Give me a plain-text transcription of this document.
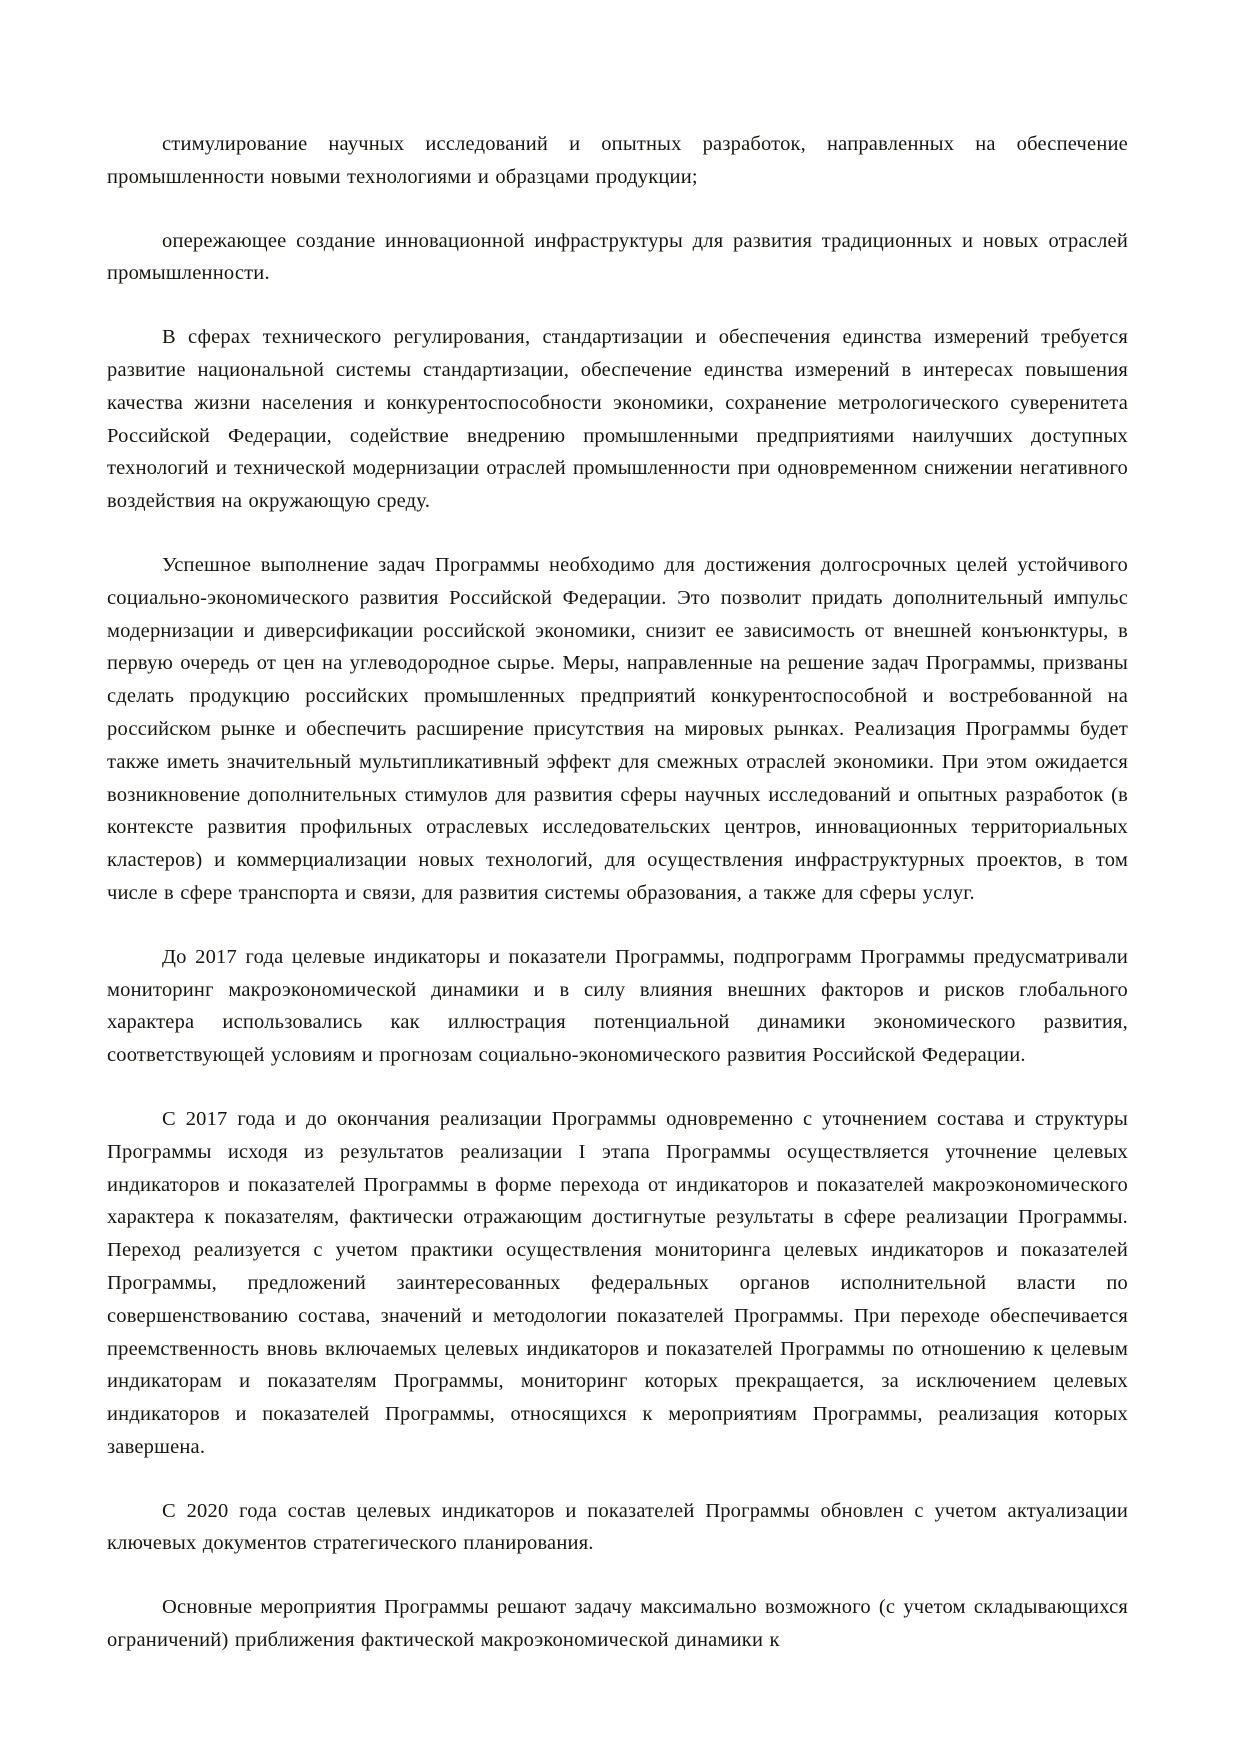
стимулирование научных исследований и опытных разработок, направленных на обеспечение промышленности новыми технологиями и образцами продукции;

опережающее создание инновационной инфраструктуры для развития традиционных и новых отраслей промышленности.

В сферах технического регулирования, стандартизации и обеспечения единства измерений требуется развитие национальной системы стандартизации, обеспечение единства измерений в интересах повышения качества жизни населения и конкурентоспособности экономики, сохранение метрологического суверенитета Российской Федерации, содействие внедрению промышленными предприятиями наилучших доступных технологий и технической модернизации отраслей промышленности при одновременном снижении негативного воздействия на окружающую среду.

Успешное выполнение задач Программы необходимо для достижения долгосрочных целей устойчивого социально-экономического развития Российской Федерации. Это позволит придать дополнительный импульс модернизации и диверсификации российской экономики, снизит ее зависимость от внешней конъюнктуры, в первую очередь от цен на углеводородное сырье. Меры, направленные на решение задач Программы, призваны сделать продукцию российских промышленных предприятий конкурентоспособной и востребованной на российском рынке и обеспечить расширение присутствия на мировых рынках. Реализация Программы будет также иметь значительный мультипликативный эффект для смежных отраслей экономики. При этом ожидается возникновение дополнительных стимулов для развития сферы научных исследований и опытных разработок (в контексте развития профильных отраслевых исследовательских центров, инновационных территориальных кластеров) и коммерциализации новых технологий, для осуществления инфраструктурных проектов, в том числе в сфере транспорта и связи, для развития системы образования, а также для сферы услуг.

До 2017 года целевые индикаторы и показатели Программы, подпрограмм Программы предусматривали мониторинг макроэкономической динамики и в силу влияния внешних факторов и рисков глобального характера использовались как иллюстрация потенциальной динамики экономического развития, соответствующей условиям и прогнозам социально-экономического развития Российской Федерации.

С 2017 года и до окончания реализации Программы одновременно с уточнением состава и структуры Программы исходя из результатов реализации I этапа Программы осуществляется уточнение целевых индикаторов и показателей Программы в форме перехода от индикаторов и показателей макроэкономического характера к показателям, фактически отражающим достигнутые результаты в сфере реализации Программы. Переход реализуется с учетом практики осуществления мониторинга целевых индикаторов и показателей Программы, предложений заинтересованных федеральных органов исполнительной власти по совершенствованию состава, значений и методологии показателей Программы. При переходе обеспечивается преемственность вновь включаемых целевых индикаторов и показателей Программы по отношению к целевым индикаторам и показателям Программы, мониторинг которых прекращается, за исключением целевых индикаторов и показателей Программы, относящихся к мероприятиям Программы, реализация которых завершена.

С 2020 года состав целевых индикаторов и показателей Программы обновлен с учетом актуализации ключевых документов стратегического планирования.

Основные мероприятия Программы решают задачу максимально возможного (с учетом складывающихся ограничений) приближения фактической макроэкономической динамики к
